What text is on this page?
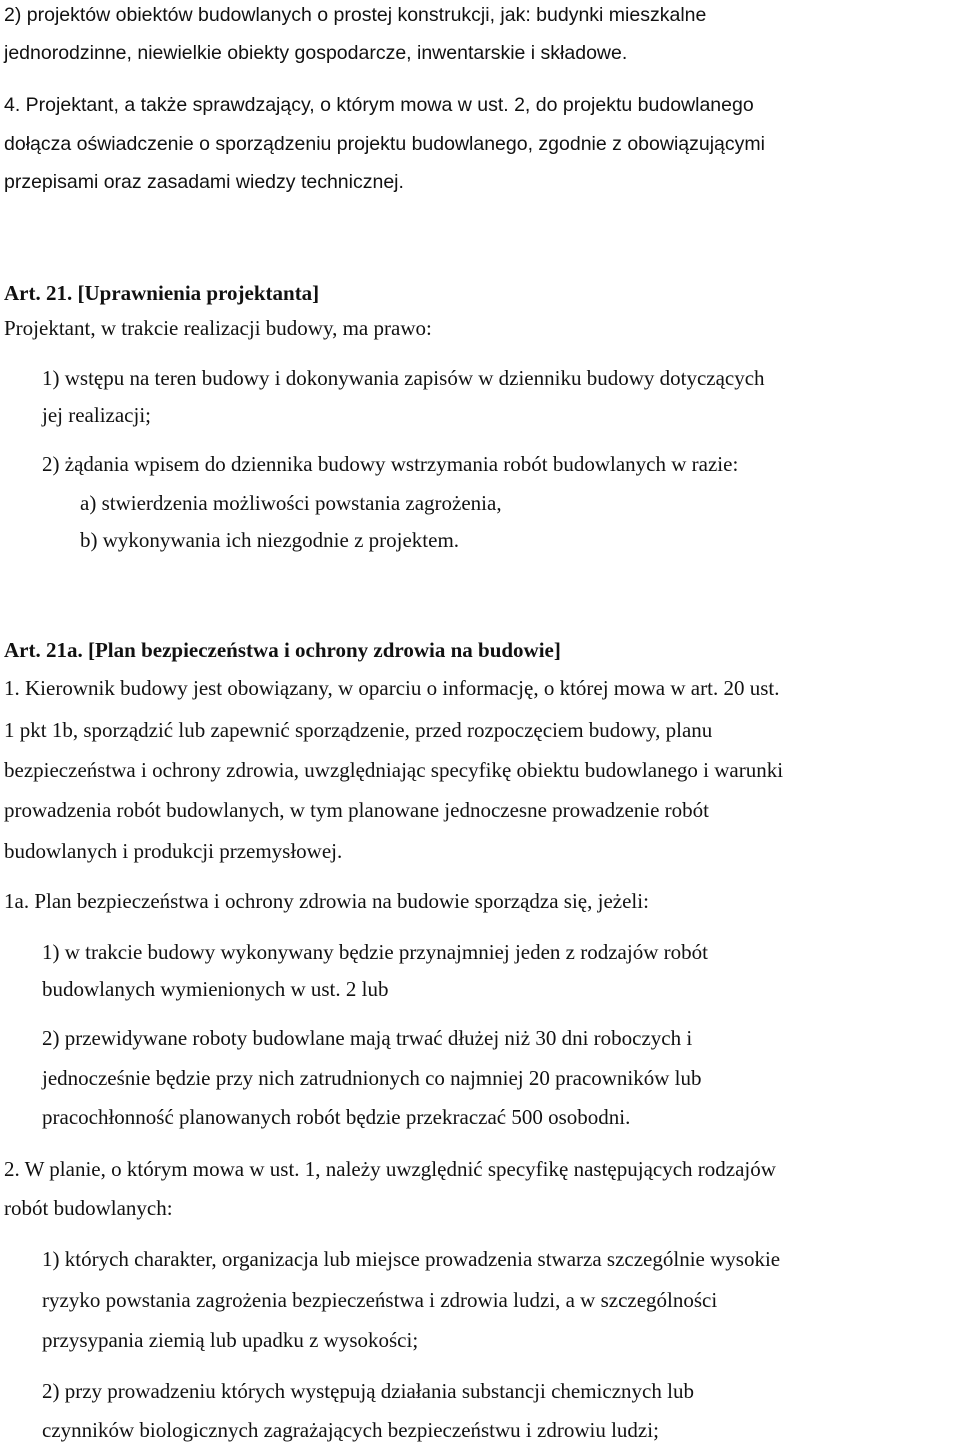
2) projektów obiektów budowlanych o prostej konstrukcji, jak: budynki mieszkalne
jednorodzinne, niewielkie obiekty gospodarcze, inwentarskie i składowe.
4. Projektant, a także sprawdzający, o którym mowa w ust. 2, do projektu budowlanego
dołącza oświadczenie o sporządzeniu projektu budowlanego, zgodnie z obowiązującymi
przepisami oraz zasadami wiedzy technicznej.
Art. 21. [Uprawnienia projektanta]
Projektant, w trakcie realizacji budowy, ma prawo:
1) wstępu na teren budowy i dokonywania zapisów w dzienniku budowy dotyczących
jej realizacji;
2) żądania wpisem do dziennika budowy wstrzymania robót budowlanych w razie:
a) stwierdzenia możliwości powstania zagrożenia,
b) wykonywania ich niezgodnie z projektem.
Art. 21a. [Plan bezpieczeństwa i ochrony zdrowia na budowie]
1. Kierownik budowy jest obowiązany, w oparciu o informację, o której mowa w art. 20 ust.
1 pkt 1b, sporządzić lub zapewnić sporządzenie, przed rozpoczęciem budowy, planu
bezpieczeństwa i ochrony zdrowia, uwzględniając specyfikę obiektu budowlanego i warunki
prowadzenia robót budowlanych, w tym planowane jednoczesne prowadzenie robót
budowlanych i produkcji przemysłowej.
1a. Plan bezpieczeństwa i ochrony zdrowia na budowie sporządza się, jeżeli:
1) w trakcie budowy wykonywany będzie przynajmniej jeden z rodzajów robót
budowlanych wymienionych w ust. 2 lub
2) przewidywane roboty budowlane mają trwać dłużej niż 30 dni roboczych i
jednocześnie będzie przy nich zatrudnionych co najmniej 20 pracowników lub
pracochłonność planowanych robót będzie przekraczać 500 osobodni.
2. W planie, o którym mowa w ust. 1, należy uwzględnić specyfikę następujących rodzajów
robót budowlanych:
1) których charakter, organizacja lub miejsce prowadzenia stwarza szczególnie wysokie
ryzyko powstania zagrożenia bezpieczeństwa i zdrowia ludzi, a w szczególności
przysypania ziemią lub upadku z wysokości;
2) przy prowadzeniu których występują działania substancji chemicznych lub
czynników biologicznych zagrażających bezpieczeństwu i zdrowiu ludzi;
